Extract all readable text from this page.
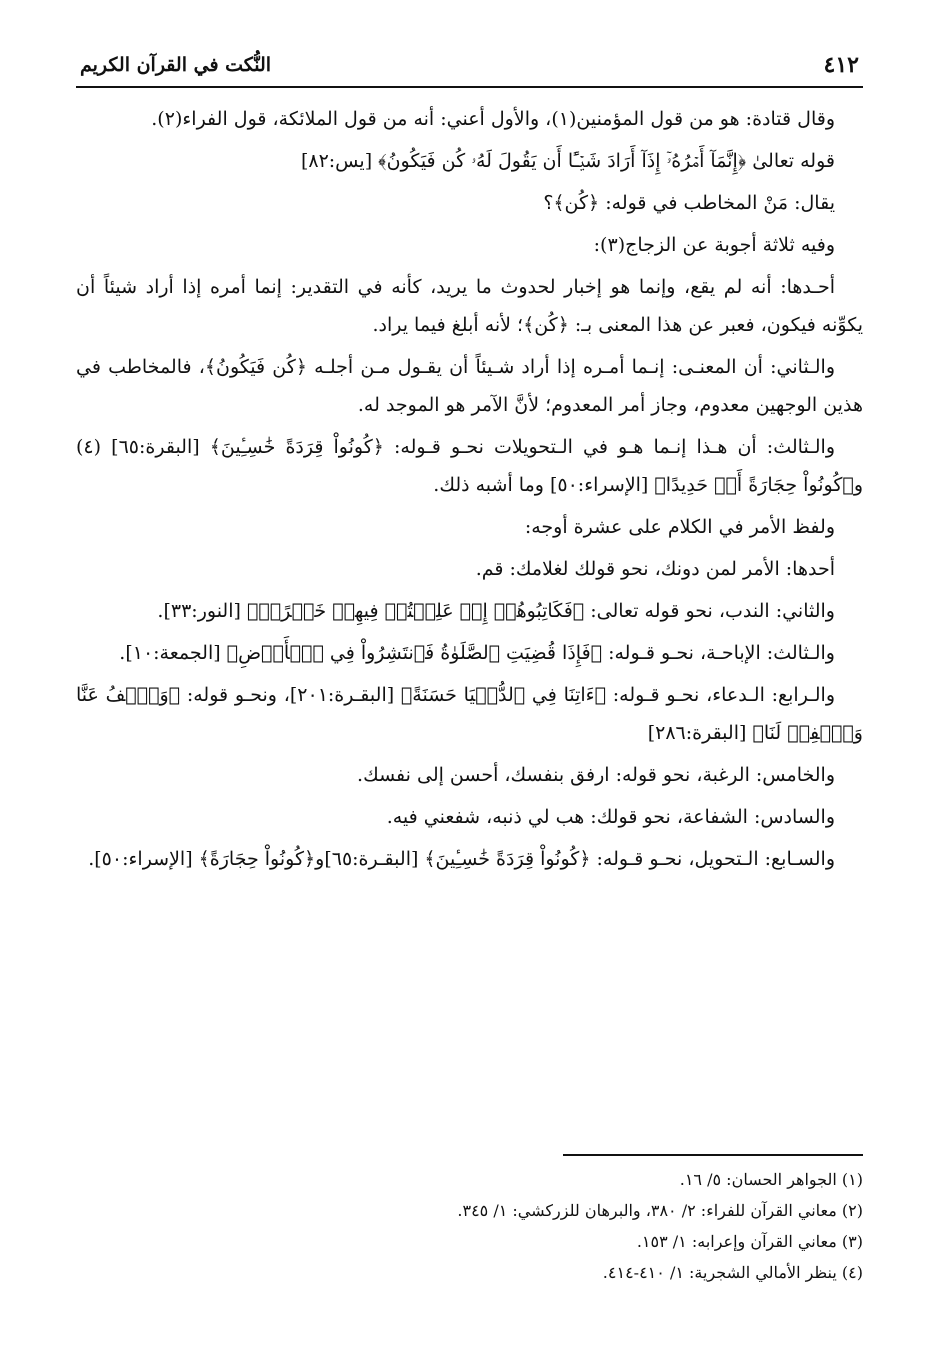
٤١٢
النُّكت في القرآن الكريم

وقال قتادة: هو من قول المؤمنين(١)، والأول أعني: أنه من قول الملائكة، قول الفراء(٢).

قوله تعالىٰ ﴿إِنَّمَآ أَمۡرُهُۥٓ إِذَآ أَرَادَ شَيۡـًٔا أَن يَقُولَ لَهُۥ كُن فَيَكُونُ﴾ [يس:٨٢]

يقال: مَنْ المخاطب في قوله: ﴿كُن﴾؟

وفيه ثلاثة أجوبة عن الزجاج(٣):

أحـدها: أنه لم يقع، وإنما هو إخبار لحدوث ما يريد، كأنه في التقدير: إنما أمره إذا أراد شيئاً أن يكوِّنه فيكون، فعبر عن هذا المعنى بـ: ﴿كُن﴾؛ لأنه أبلغ فيما يراد.

والـثاني: أن المعنـى: إنـما أمـره إذا أراد شـيئاً أن يقـول مـن أجلـه ﴿كُن فَيَكُونُ﴾، فالمخاطب في هذين الوجهين معدوم، وجاز أمر المعدوم؛ لأنَّ الآمر هو الموجد له.

والـثالث: أن هـذا إنـما هـو في الـتحويلات نحـو قـوله: ﴿كُونُواْ قِرَدَةً خَٰسِـِٔينَ﴾ [البقرة:٦٥] (٤) و﴿كُونُواْ حِجَارَةً أَوۡ حَدِيدًا﴾ [الإسراء:٥٠] وما أشبه ذلك.

ولفظ الأمر في الكلام على عشرة أوجه:

أحدها: الأمر لمن دونك، نحو قولك لغلامك: قم.

والثاني: الندب، نحو قوله تعالى: ﴿فَكَاتِبُوهُمۡ إِنۡ عَلِمۡتُمۡ فِيهِمۡ خَيۡرًاۖ﴾ [النور:٣٣].

والـثالث: الإباحـة، نحـو قـوله: ﴿فَإِذَا قُضِيَتِ ٱلصَّلَوٰةُ فَٱنتَشِرُواْ فِي ٱلۡأَرۡضِ﴾ [الجمعة:١٠].

والـرابع: الـدعاء، نحـو قـوله: ﴿ءَاتِنَا فِي ٱلدُّنۡيَا حَسَنَةً﴾ [البقـرة:٢٠١]، ونحـو قوله: ﴿وَٱعۡفُ عَنَّا وَٱغۡفِرۡ لَنَا﴾ [البقرة:٢٨٦]

والخامس: الرغبة، نحو قوله: ارفق بنفسك، أحسن إلى نفسك.

والسادس: الشفاعة، نحو قولك: هب لي ذنبه، شفعني فيه.

والسـابع: الـتحويل، نحـو قـوله: ﴿كُونُواْ قِرَدَةً خَٰسِـِٔينَ﴾ [البقـرة:٦٥]و﴿كُونُواْ حِجَارَةً﴾ [الإسراء:٥٠].

(١) الجواهر الحسان: ٥/ ١٦.
(٢) معاني القرآن للفراء: ٢/ ٣٨٠، والبرهان للزركشي: ١/ ٣٤٥.
(٣) معاني القرآن وإعرابه: ١/ ١٥٣.
(٤) ينظر الأمالي الشجرية: ١/ ٤١٠-٤١٤.
